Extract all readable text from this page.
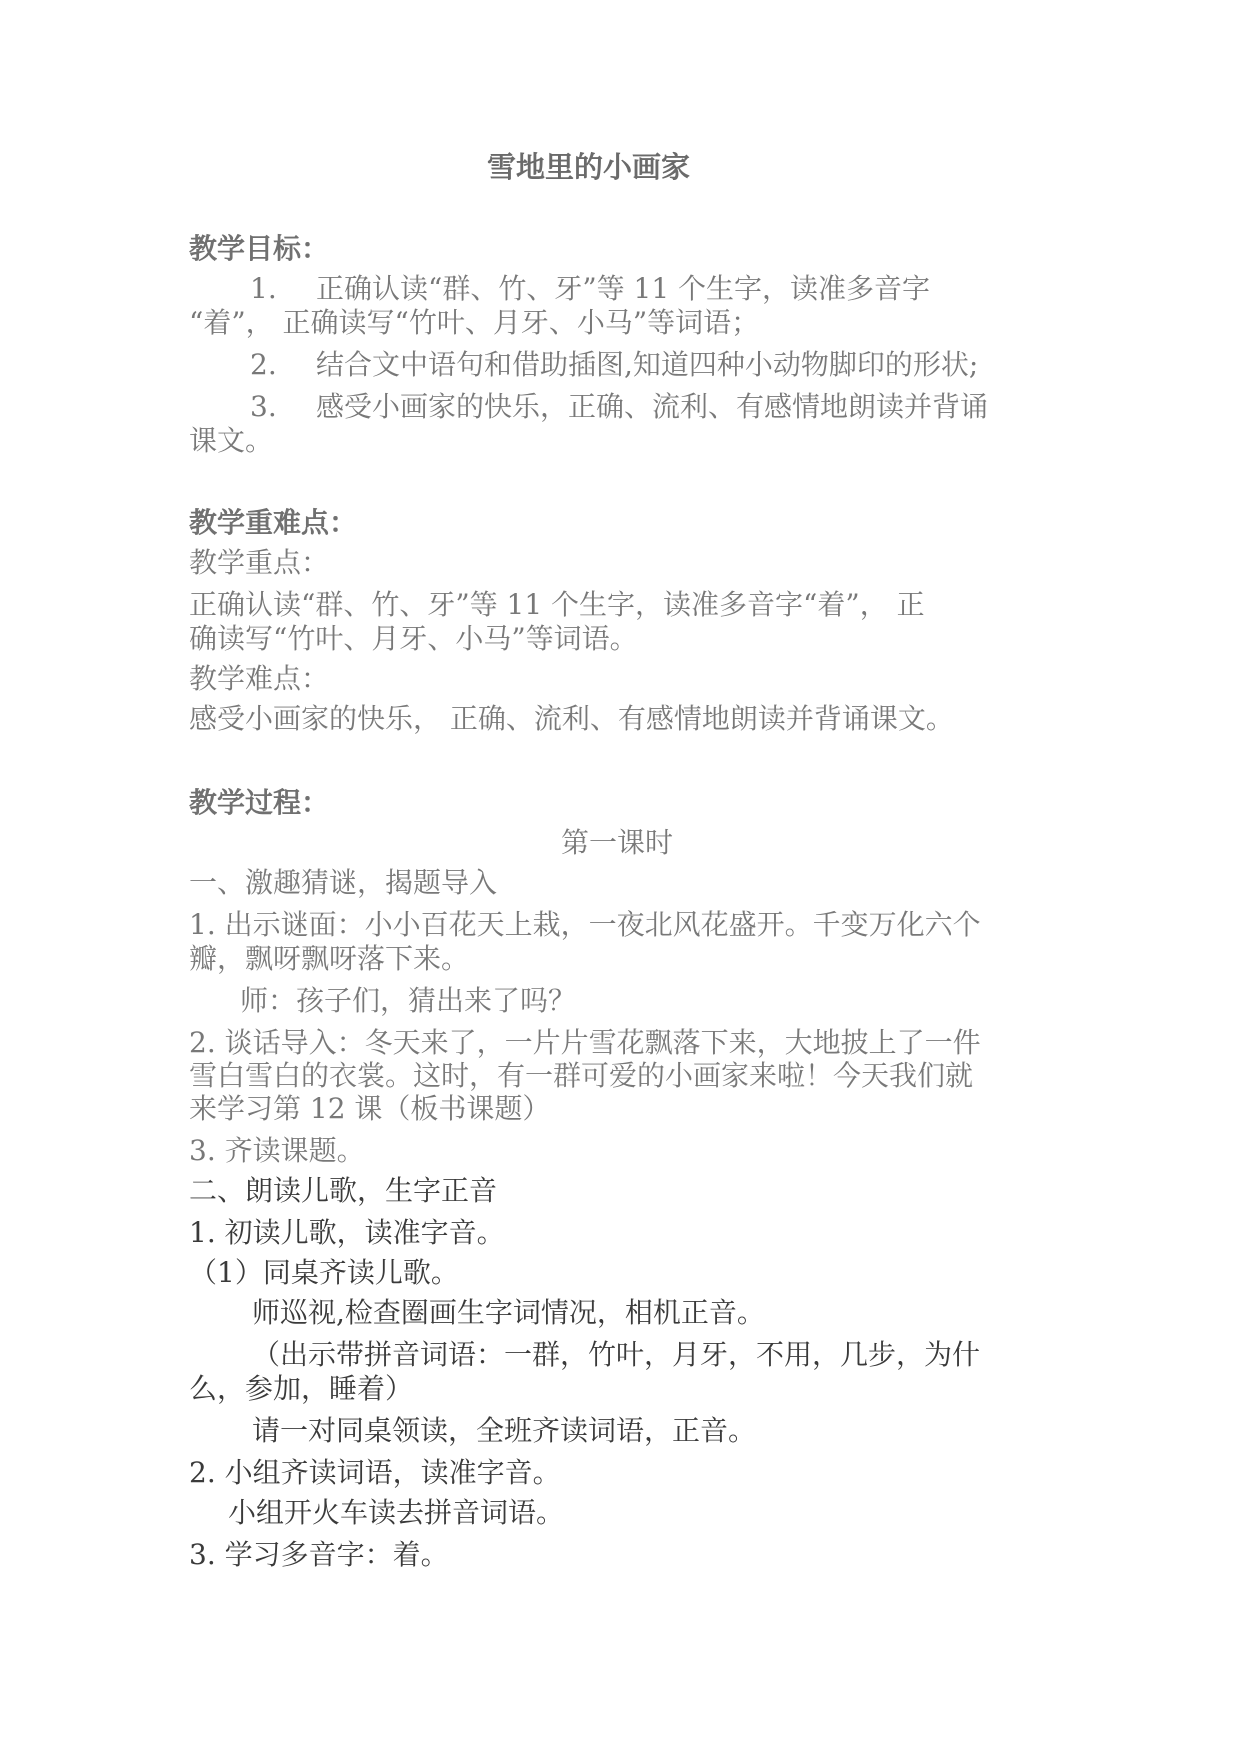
雪地里的小画家
教学目标：
1. 正确认读“群、竹、牙”等 11 个生字，读准多音字
“着”， 正确读写“竹叶、月牙、小马”等词语；
2. 结合文中语句和借助插图,知道四种小动物脚印的形状;
3. 感受小画家的快乐，正确、流利、有感情地朗读并背诵
课文。
教学重难点：
教学重点：
正确认读“群、竹、牙”等 11 个生字，读准多音字“着”， 正
确读写“竹叶、月牙、小马”等词语。
教学难点：
感受小画家的快乐， 正确、流利、有感情地朗读并背诵课文。
教学过程：
第一课时
一、激趣猜谜，揭题导入
1. 出示谜面：小小百花天上栽，一夜北风花盛开。千变万化六个
瓣，飘呀飘呀落下来。
师：孩子们，猜出来了吗？
2. 谈话导入：冬天来了，一片片雪花飘落下来，大地披上了一件
雪白雪白的衣裳。这时，有一群可爱的小画家来啦！今天我们就
来学习第 12 课（板书课题）
3. 齐读课题。
二、朗读儿歌，生字正音
1. 初读儿歌，读准字音。
（1）同桌齐读儿歌。
师巡视,检查圈画生字词情况，相机正音。
（出示带拼音词语：一群，竹叶，月牙，不用，几步，为什
么，参加，睡着）
请一对同桌领读，全班齐读词语，正音。
2. 小组齐读词语，读准字音。
小组开火车读去拼音词语。
3. 学习多音字：着。
